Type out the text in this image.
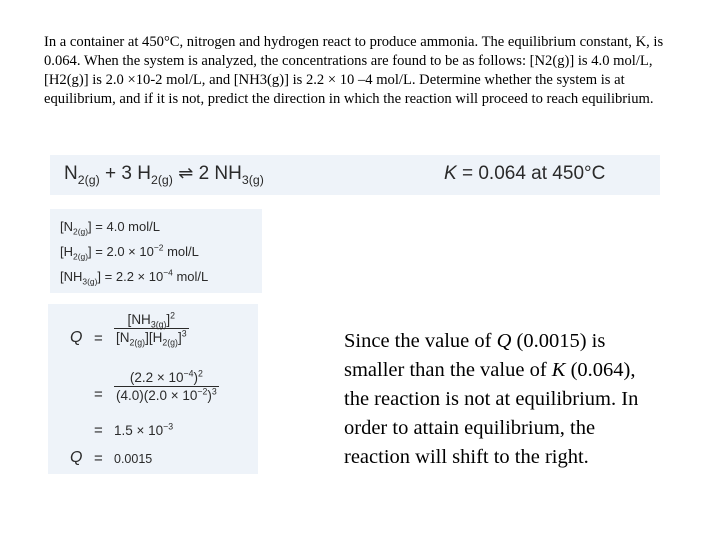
In a container at 450°C, nitrogen and hydrogen react to produce ammonia. The equilibrium constant, K, is 0.064. When the system is analyzed, the concentrations are found to be as follows: [N2(g)] is 4.0 mol/L, [H2(g)] is 2.0 ×10-2 mol/L, and [NH3(g)] is 2.2 × 10 –4 mol/L. Determine whether the system is at equilibrium, and if it is not, predict the direction in which the reaction will proceed to reach equilibrium.

$N_{2(g)} + 3$ $H_{2(g)}$ ⇌ 2 $NH_{3(g)}$	K = 0.064 at 450°C
$[N_{2(g)}] = 4.0$ mol/L
$[H_{2(g)}] = 2.0 \times 10^{-2}$ mol/L
$[NH_{3(g)}] = 2.2 \times 10^{-4}$ mol/L
$Q = \frac{[NH_{3(g)}]^2}{[N_{2(g)}][H_{2(g)}]^3}$
= $\frac{(2.2 \times 10^{-4})^2}{(4.0)(2.0 \times 10^{-2})^3}$
= $1.5 \times 10^{-3}$
Q = 0.0015

Since the value of Q (0.0015) is smaller than the value of K (0.064), the reaction is not at equilibrium. In order to attain equilibrium, the reaction will shift to the right.
